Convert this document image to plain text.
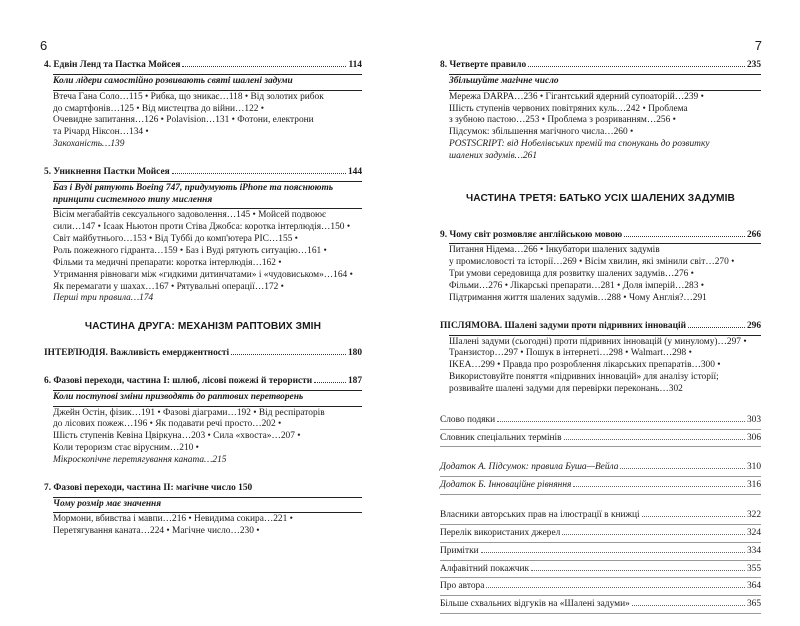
6
4. Едвін Ленд та Пастка Мойсея	114
Коли лідери самостійно розвивають святі шалені задуми
Втеча Гана Соло…115 • Рибка, що зникає…118 • Від золотих рибок
до смартфонів…125 • Від мистецтва до війни…122 •
Очевидне запитання…126 • Polavision…131 • Фотони, електрони
та Річард Ніксон…134 •
Закоханість…139
5. Уникнення Пастки Мойсея	144
Баз і Вуді рятують Boeing 747, придумують iPhone та пояснюють принципи системного типу мислення
Вісім мегабайтів сексуального задоволення…145 • Мойсей подвоює
сили…147 • Ісаак Ньютон проти Стіва Джобса: коротка інтерлюдія…150 •
Світ майбутнього…153 • Від Туббі до комп'ютера PIC…155 •
Роль пожежного гідранта…159 • Баз і Вуді рятують ситуацію…161 •
Фільми та медичні препарати: коротка інтерлюдія…162 •
Утримання рівноваги між «гидкими дитинчатами» і «чудовиськом»…164 •
Як перемагати у шахах…167 • Рятувальні операції…172 •
Перші три правила…174
ЧАСТИНА ДРУГА: МЕХАНІЗМ РАПТОВИХ ЗМІН
ІНТЕРЛЮДІЯ. Важливість емерджентності	180
6. Фазові переходи, частина I: шлюб, лісові пожежі й терористи	187
Коли поступові зміни призводять до раптових перетворень
Джейн Остін, фізик…191 • Фазові діаграми…192 • Від респіраторів
до лісових пожеж…196 • Як подавати речі просто…202 •
Шість ступенів Кевіна Цвіркуна…203 • Сила «хвоста»…207 •
Коли тероризм стає вірусним…210 •
Мікроскопічне перетягування каната…215
7. Фазові переходи, частина II: магічне число 150
Чому розмір має значення
Мормони, вбивства і мавпи…216 • Невидима сокира…221 •
Перетягування каната…224 • Магічне число…230 •
7
8. Четверте правило	235
Збільшуйте магічне число
Мережа DARPA…236 • Гігантський ядерний супоаторій…239 •
Шість ступенів червоних повітряних куль…242 • Проблема
з зубною пастою…253 • Проблема з розриванням…256 •
Підсумок: збільшення магічного числа…260 •
POSTSCRIPT: від Нобелівських премій та спонукань до розвитку
шалених задумів…261
ЧАСТИНА ТРЕТЯ: БАТЬКО УСІХ ШАЛЕНИХ ЗАДУМІВ
9. Чому світ розмовляє англійською мовою	266
Питання Нідема…266 • Інкубатори шалених задумів
у промисловості та історії…269 • Вісім хвилин, які змінили світ…270 •
Три умови середовища для розвитку шалених задумів…276 •
Фільми…276 • Лікарські препарати…281 • Доля імперій…283 •
Підтримання життя шалених задумів…288 • Чому Англія?…291
ПІСЛЯМОВА. Шалені задуми проти підривних інновацій	296
Шалені задуми (сьогодні) проти підривних інновацій (у минулому)…297 •
Транзистор…297 • Пошук в інтернеті…298 • Walmart…298 •
IKEA…299 • Правда про розроблення лікарських препаратів…300 •
Використовуйте поняття «підривних інновацій» для аналізу історії;
розвивайте шалені задуми для перевірки переконань…302
Слово подяки	303
Словник спеціальних термінів	306
Додаток А. Підсумок: правила Буша—Вейла	310
Додаток Б. Інноваційне рівняння	316
Власники авторських прав на ілюстрації в книжці	322
Перелік використаних джерел	324
Примітки	334
Алфавітний покажчик	355
Про автора	364
Більше схвальних відгуків на «Шалені задуми»	365
